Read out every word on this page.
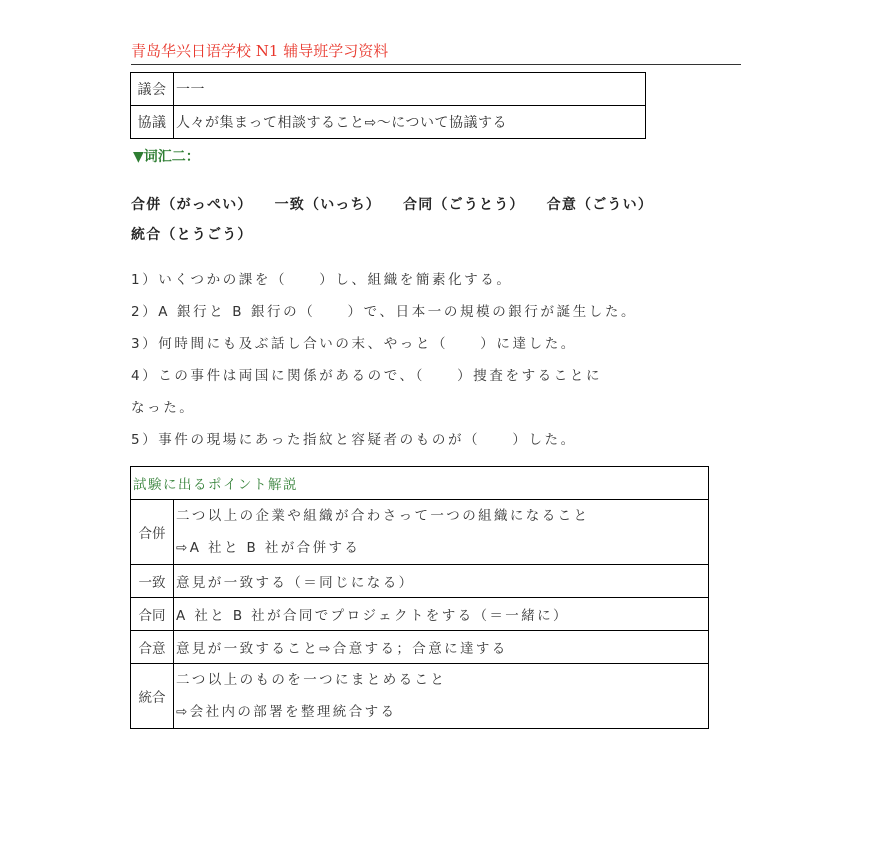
青岛华兴日语学校 N1 辅导班学习资料
議会	一一
協議	人々が集まって相談すること⇨～について協議する
▼词汇二：
合併（がっぺい） 一致（いっち） 合同（ごうとう） 合意（ごうい）
統合（とうごう）
1）いくつかの課を（　　）し、組織を簡素化する。
2）A 銀行と B 銀行の（　　）で、日本一の規模の銀行が誕生した。
3）何時間にも及ぶ話し合いの末、やっと（　　）に達した。
4）この事件は両国に関係があるので、（　　）捜査をすることに
なった。
5）事件の現場にあった指紋と容疑者のものが（　　）した。
試験に出るポイント解説	
合併	二つ以上の企業や組織が合わさって一つの組織になること
⇨A 社と B 社が合併する

一致	意見が一致する（＝同じになる）
合同	A 社と B 社が合同でプロジェクトをする（＝一緒に）
合意	意見が一致すること⇨合意する；合意に達する
統合	二つ以上のものを一つにまとめること
⇨会社内の部署を整理統合する
